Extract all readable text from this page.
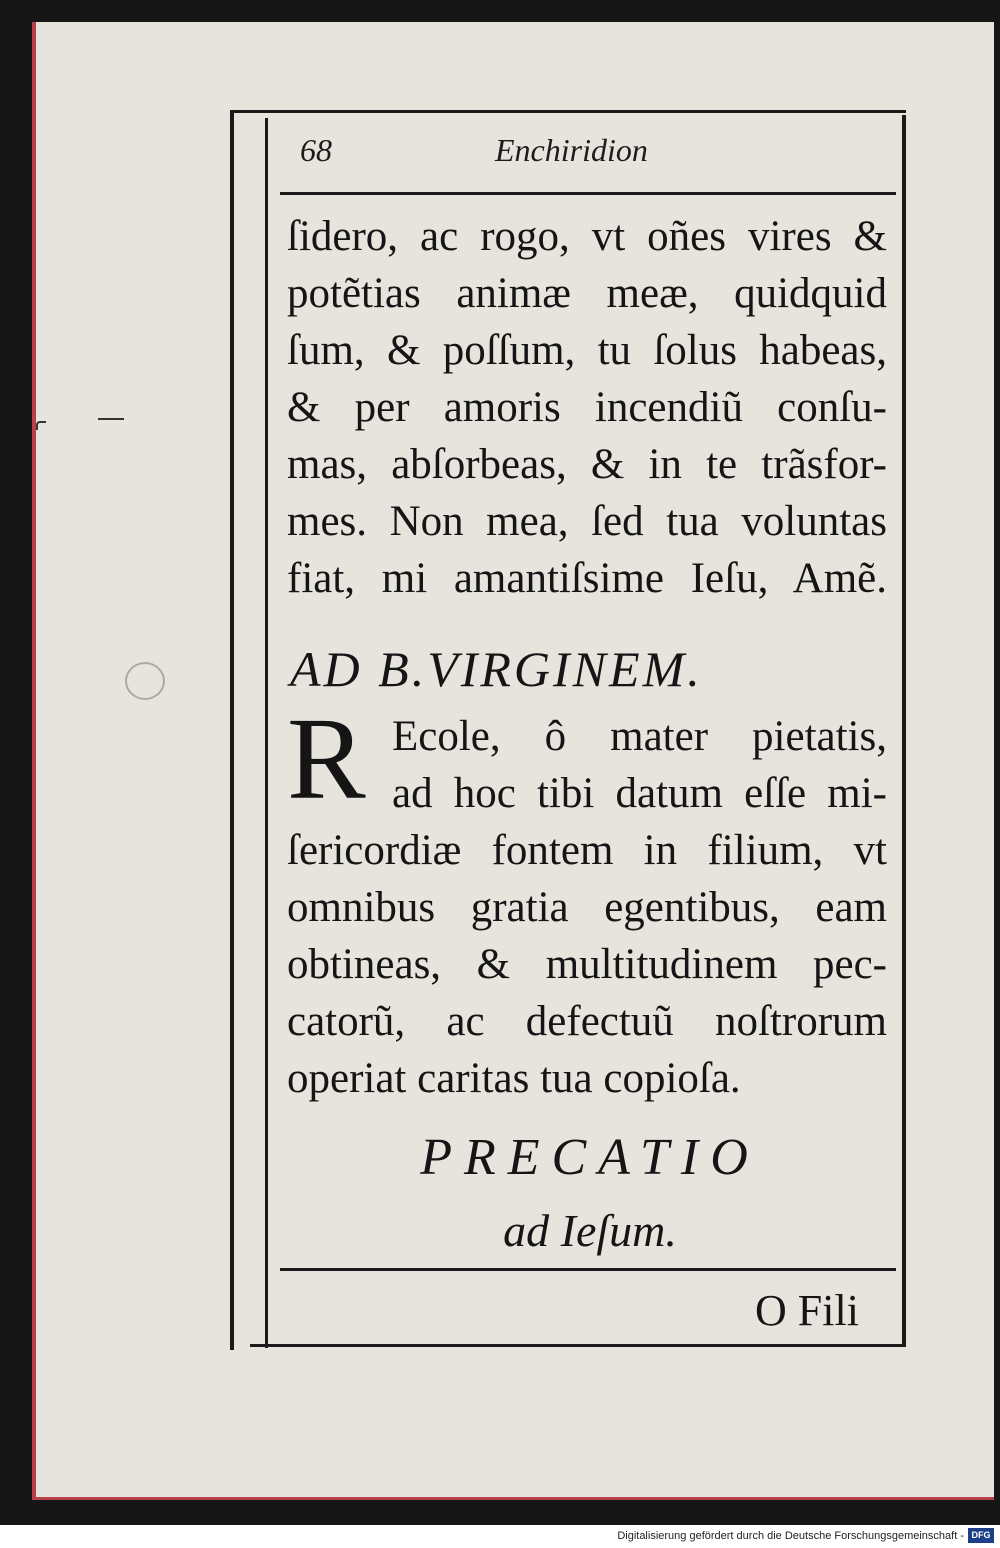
68	Enchiridion
ſidero, ac rogo, vt oñes vires &
potẽtias animæ meæ, quidquid
ſum, & poſſum, tu ſolus habeas,
& per amoris incendiũ conſu-
mas, abſorbeas, & in te trãsfor-
mes. Non mea, ſed tua voluntas
fiat, mi amantiſsime Ieſu, Amẽ.
AD B.VIRGINEM.
R Ecole, ô mater pietatis,
ad hoc tibi datum eſſe mi-
ſericordiæ fontem in filium, vt
omnibus gratia egentibus, eam
obtineas, & multitudinem pec-
catorũ, ac defectuũ noſtrorum
operiat caritas tua copioſa.
PRECATIO
ad Ieſum.
O Fili
Digitalisierung gefördert durch die Deutsche Forschungsgemeinschaft - DFG
